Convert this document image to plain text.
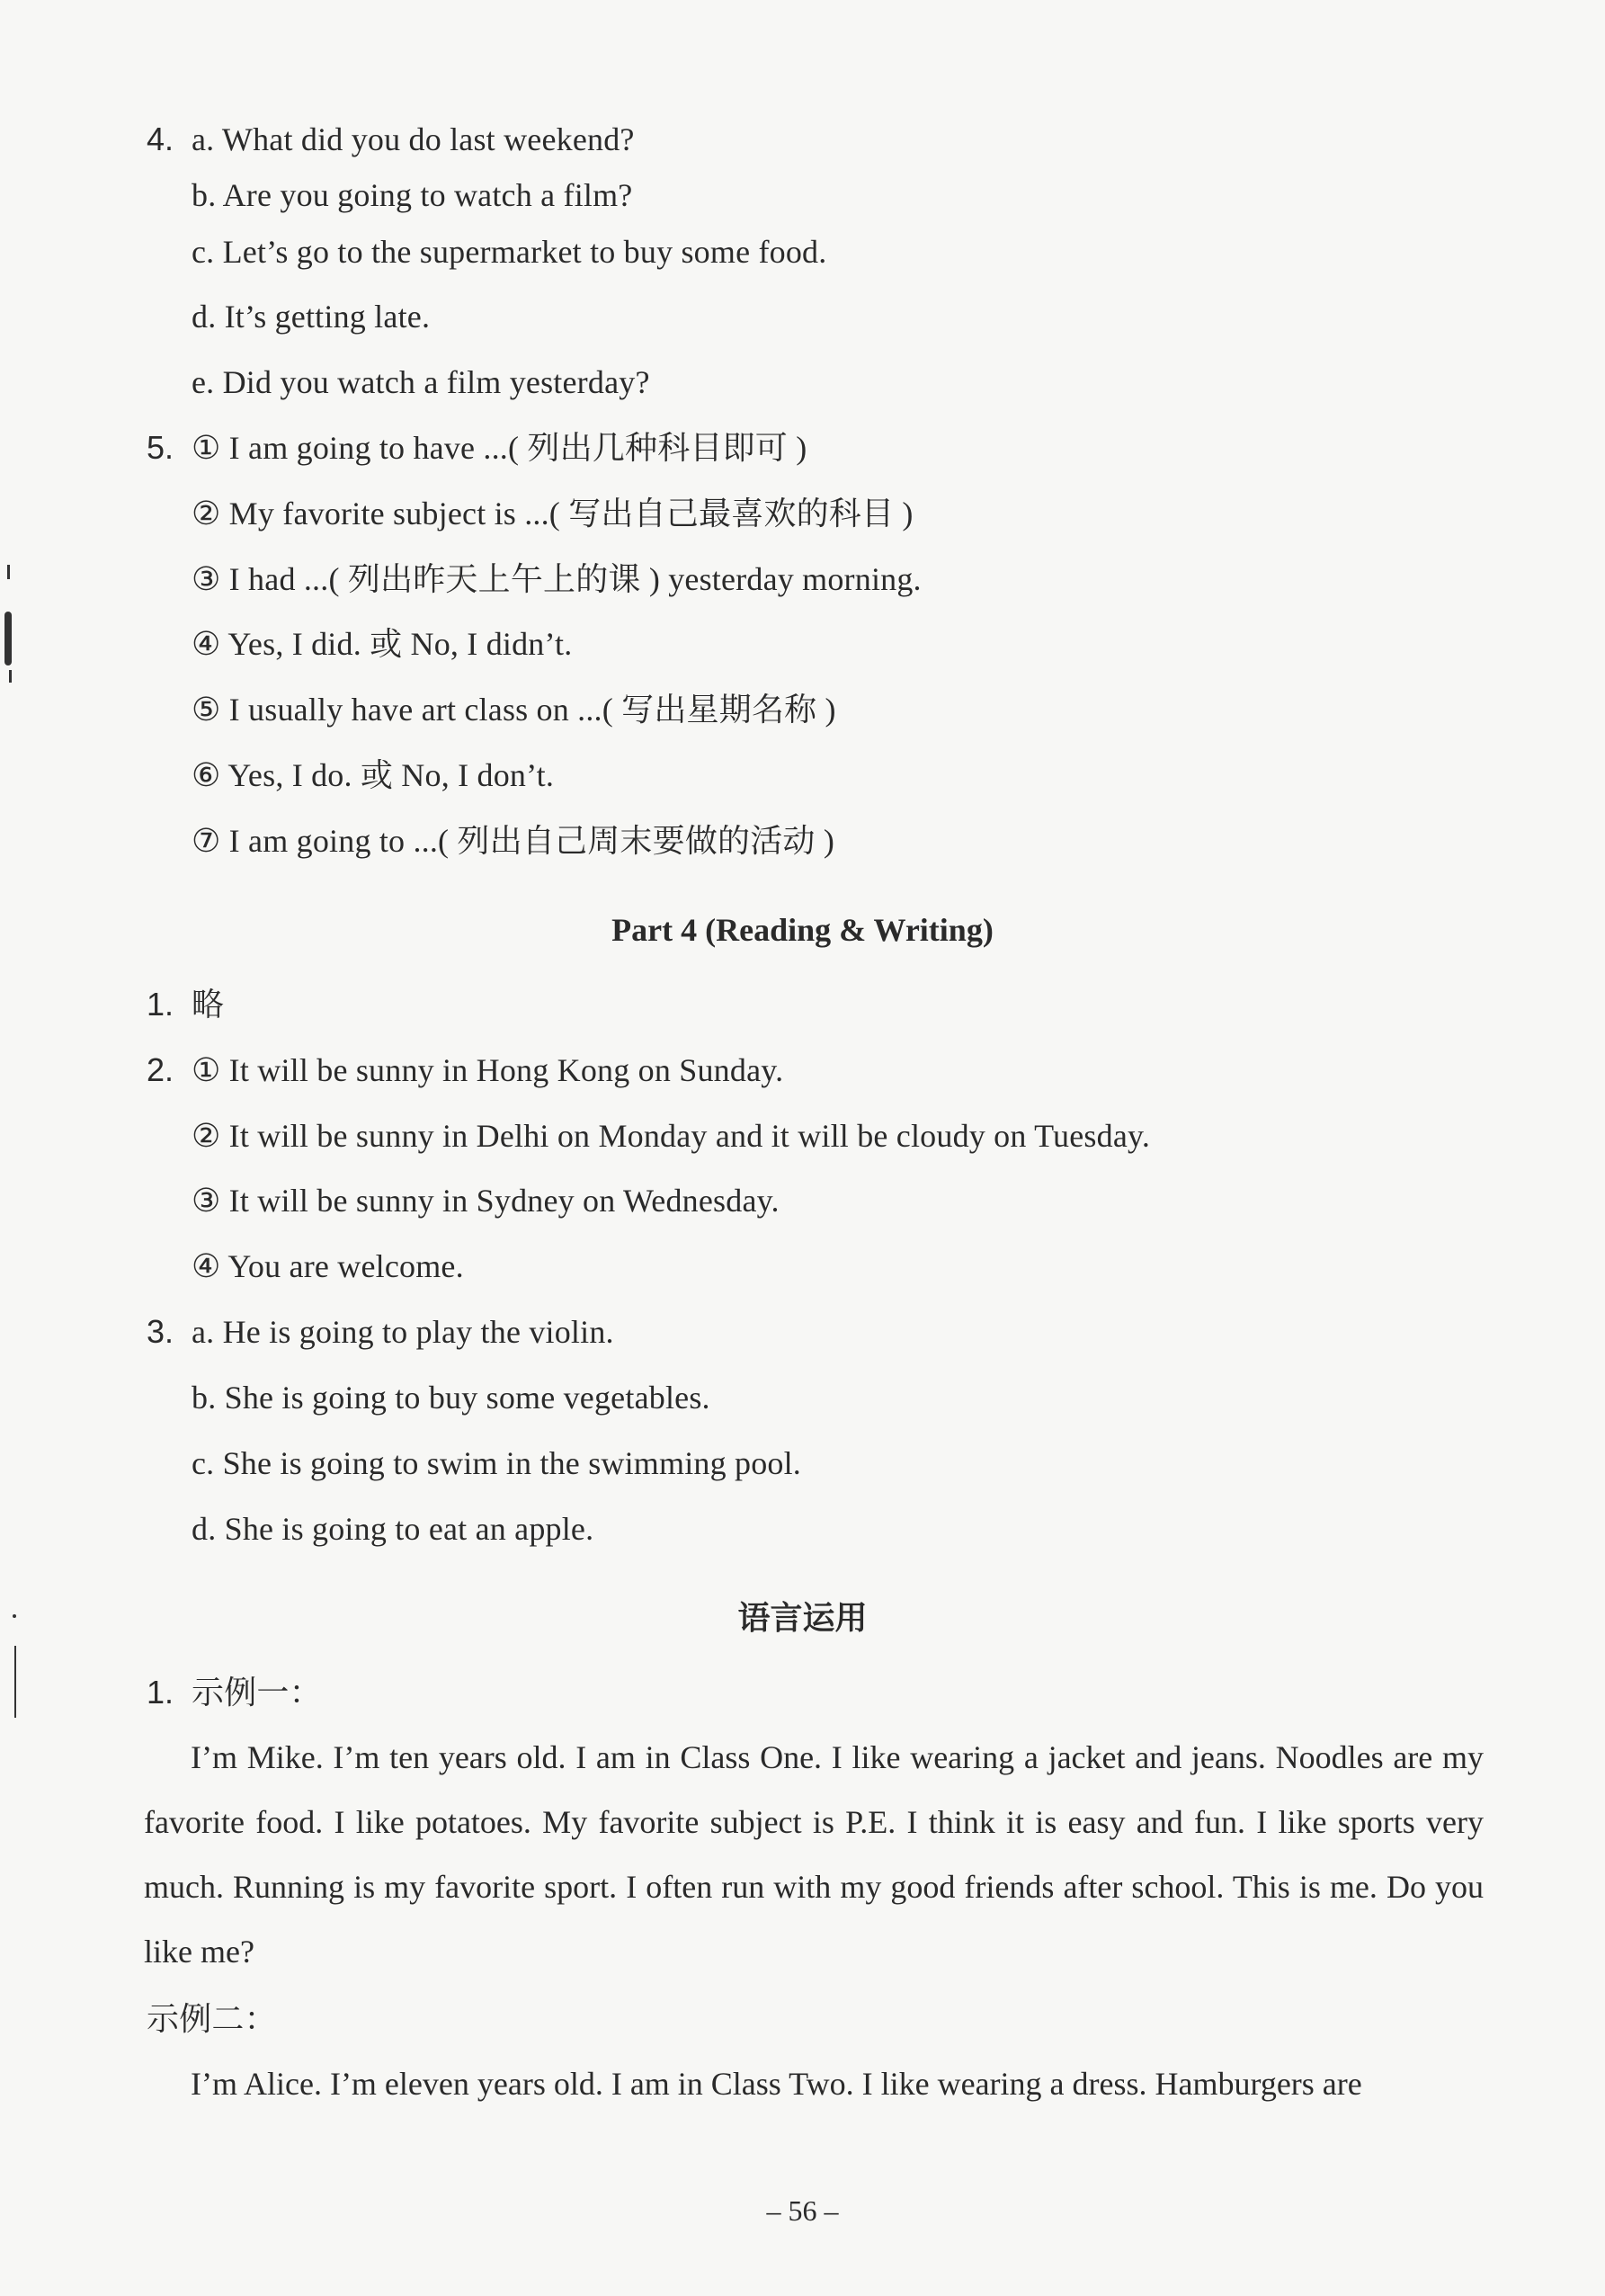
4. a. What did you do last weekend?
b. Are you going to watch a film?
c. Let’s go to the supermarket to buy some food.
d. It’s getting late.
e. Did you watch a film yesterday?
5. ① I am going to have ...( 列出几种科目即可 )
② My favorite subject is ...( 写出自己最喜欢的科目 )
③ I had ...( 列出昨天上午上的课 ) yesterday morning.
④ Yes, I did. 或 No, I didn’t.
⑤ I usually have art class on ...( 写出星期名称 )
⑥ Yes, I do. 或 No, I don’t.
⑦ I am going to ...( 列出自己周末要做的活动 )
Part 4 (Reading & Writing)
1. 略
2. ① It will be sunny in Hong Kong on Sunday.
② It will be sunny in Delhi on Monday and it will be cloudy on Tuesday.
③ It will be sunny in Sydney on Wednesday.
④ You are welcome.
3. a. He is going to play the violin.
b. She is going to buy some vegetables.
c. She is going to swim in the swimming pool.
d. She is going to eat an apple.
语言运用
1. 示例一：
I’m Mike. I’m ten years old. I am in Class One. I like wearing a jacket and jeans. Noodles are my favorite food. I like potatoes. My favorite subject is P.E. I think it is easy and fun. I like sports very much. Running is my favorite sport. I often run with my good friends after school. This is me. Do you like me?
示例二：
I’m Alice. I’m eleven years old. I am in Class Two. I like wearing a dress. Hamburgers are
– 56 –
